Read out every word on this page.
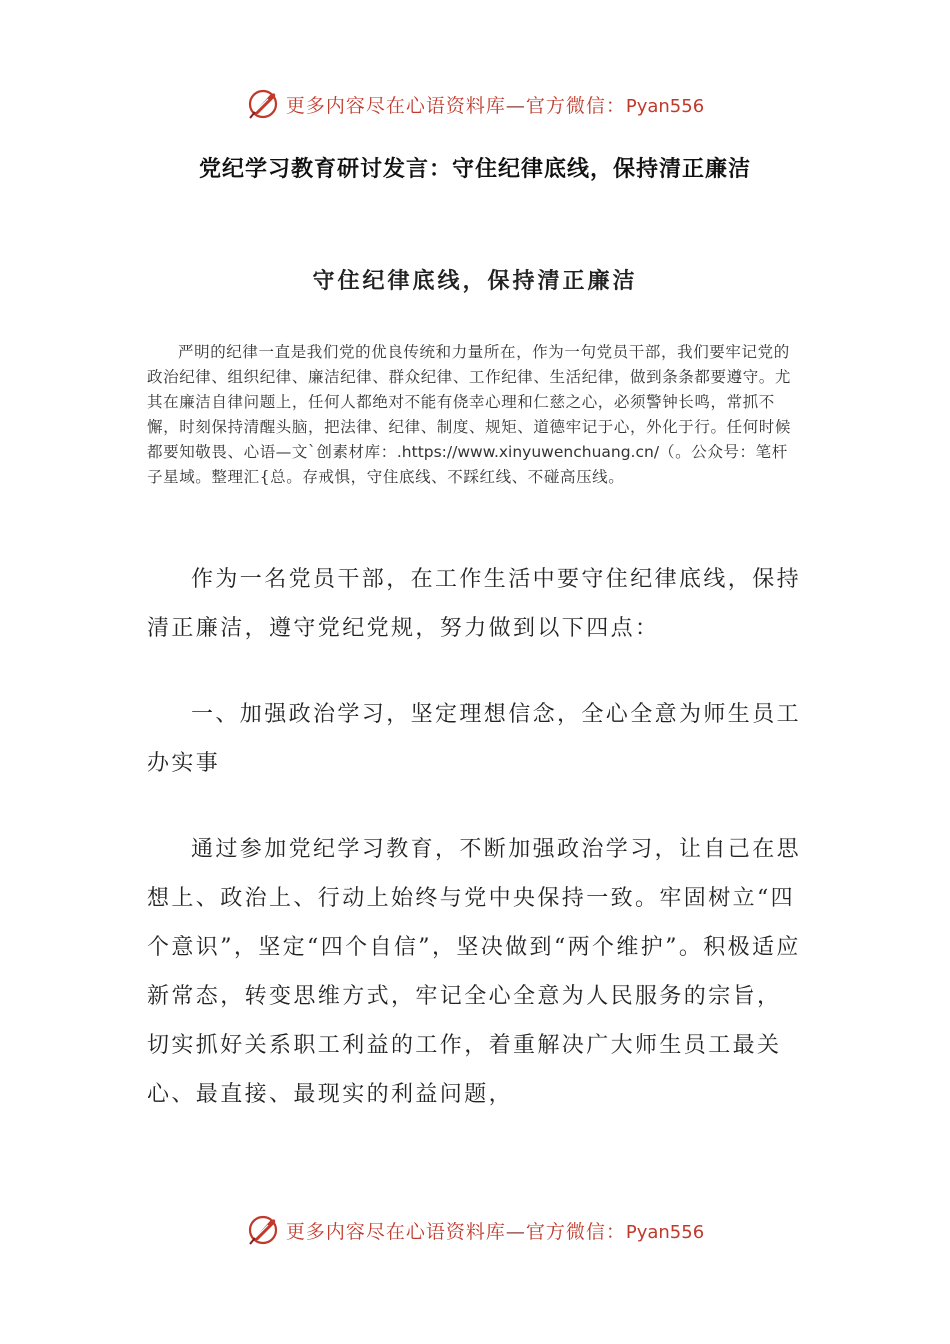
更多内容尽在心语资料库—官方微信：Pyan556
党纪学习教育研讨发言：守住纪律底线，保持清正廉洁
守住纪律底线，保持清正廉洁

严明的纪律一直是我们党的优良传统和力量所在，作为一句党员干部，我们要牢记党的政治纪律、组织纪律、廉洁纪律、群众纪律、工作纪律、生活纪律，做到条条都要遵守。尤其在廉洁自律问题上，任何人都绝对不能有侥幸心理和仁慈之心，必须警钟长鸣，常抓不懈，时刻保持清醒头脑，把法律、纪律、制度、规矩、道德牢记于心，外化于行。任何时候都要知敬畏、心语—文`创素材库：.https://www.xinyuwenchuang.cn/（。公众号：笔杆子星域。整理汇{总。存戒惧，守住底线、不踩红线、不碰高压线。

作为一名党员干部，在工作生活中要守住纪律底线，保持清正廉洁，遵守党纪党规，努力做到以下四点：

一、加强政治学习，坚定理想信念，全心全意为师生员工办实事

通过参加党纪学习教育，不断加强政治学习，让自己在思想上、政治上、行动上始终与党中央保持一致。牢固树立“四个意识”，坚定“四个自信”，坚决做到“两个维护”。积极适应新常态，转变思维方式，牢记全心全意为人民服务的宗旨，切实抓好关系职工利益的工作，着重解决广大师生员工最关心、最直接、最现实的利益问题，

更多内容尽在心语资料库—官方微信：Pyan556
